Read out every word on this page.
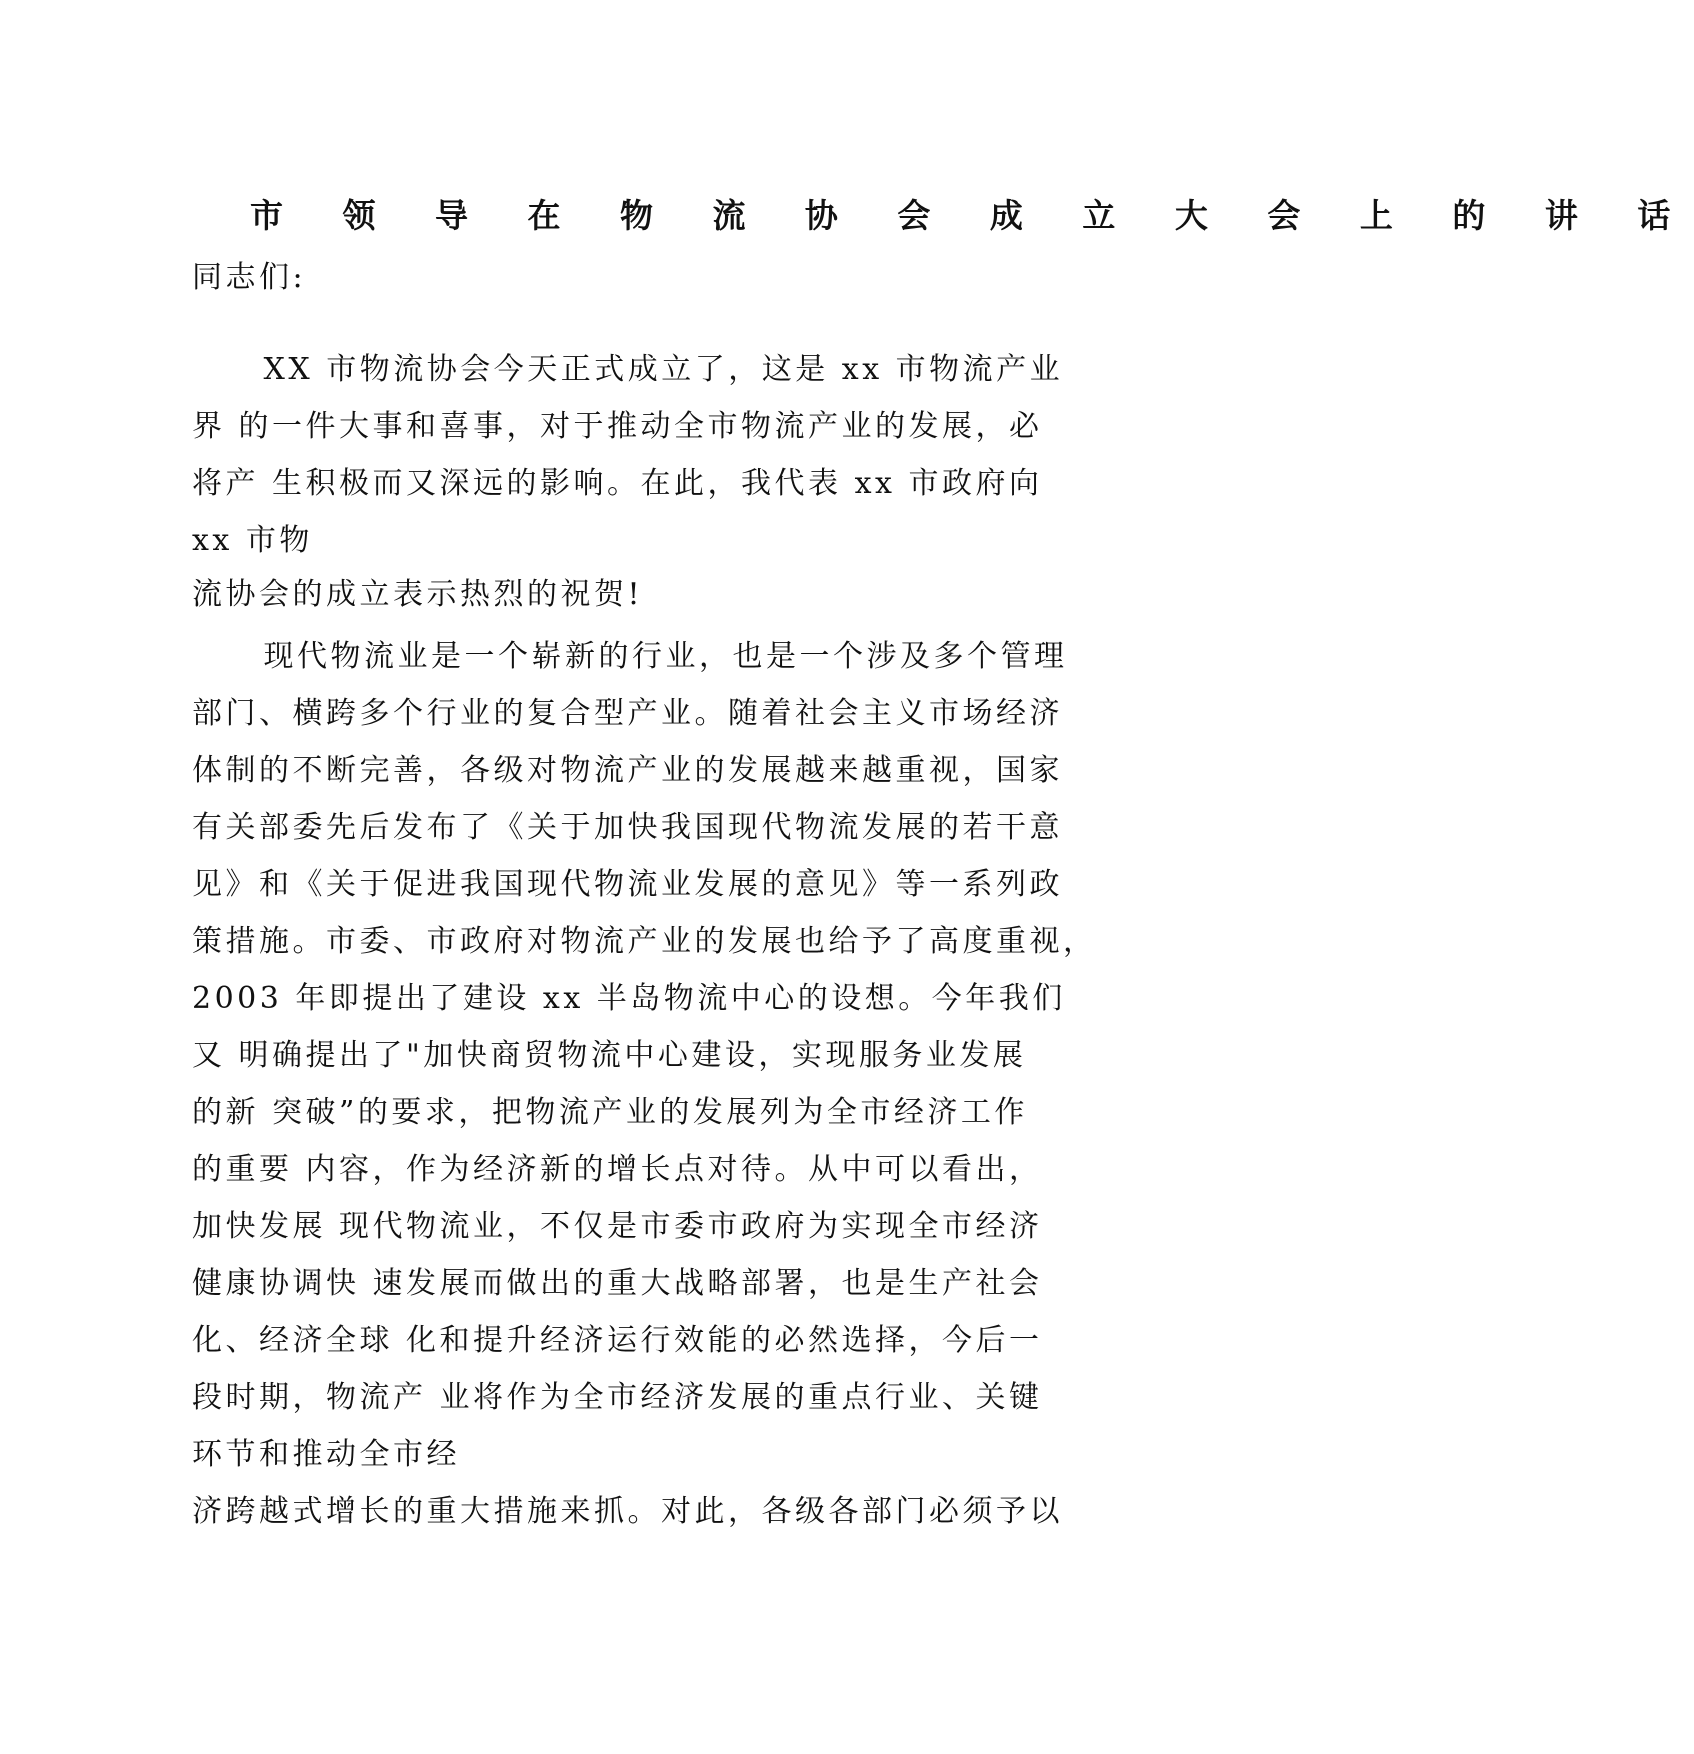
市 领 导 在 物 流 协 会 成 立 大 会 上 的 讲 话
同志们:
　XX 市物流协会今天正式成立了，这是 xx 市物流产业
界 的一件大事和喜事，对于推动全市物流产业的发展，必
将产 生积极而又深远的影响。在此，我代表 xx 市政府向
xx 市物
流协会的成立表示热烈的祝贺!
　现代物流业是一个崭新的行业，也是一个涉及多个管理
部门、横跨多个行业的复合型产业。随着社会主义市场经济
体制的不断完善，各级对物流产业的发展越来越重视，国家
有关部委先后发布了《关于加快我国现代物流发展的若干意
见》和《关于促进我国现代物流业发展的意见》等一系列政
策措施。市委、市政府对物流产业的发展也给予了高度重视，
2003 年即提出了建设 xx 半岛物流中心的设想。今年我们
又 明确提出了"加快商贸物流中心建设，实现服务业发展
的新 突破”的要求，把物流产业的发展列为全市经济工作
的重要 内容，作为经济新的增长点对待。从中可以看出，
加快发展 现代物流业，不仅是市委市政府为实现全市经济
健康协调快 速发展而做出的重大战略部署，也是生产社会
化、经济全球 化和提升经济运行效能的必然选择，今后一
段时期，物流产 业将作为全市经济发展的重点行业、关键
环节和推动全市经
济跨越式增长的重大措施来抓。对此，各级各部门必须予以
